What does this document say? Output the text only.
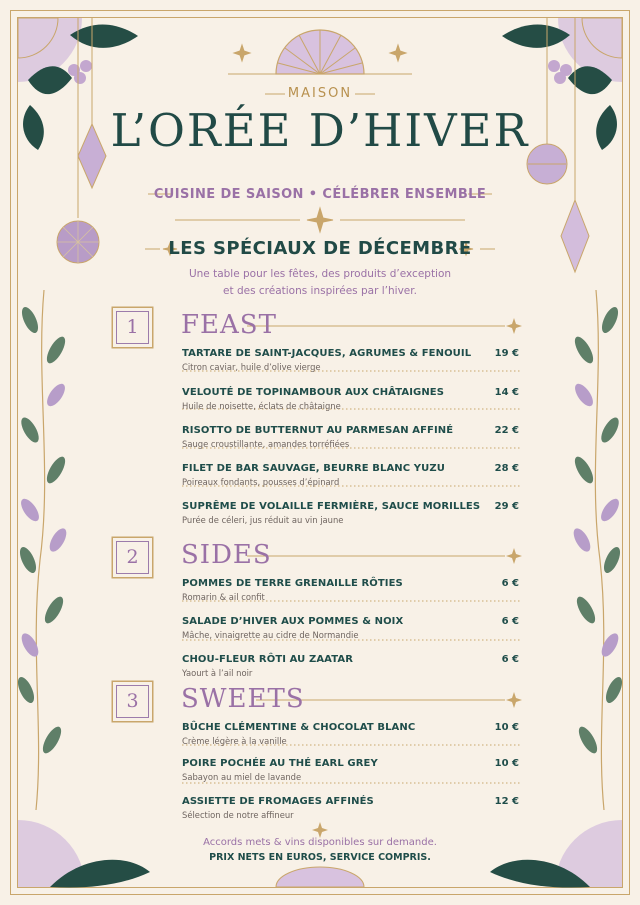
MAISON
L’ORÉE D’HIVER
CUISINE DE SAISON • CÉLÉBRER ENSEMBLE
LES SPÉCIAUX DE DÉCEMBRE
Une table pour les fêtes, des produits d’exception
et des créations inspirées par l’hiver.
1	FEAST
TARTARE DE SAINT-JACQUES, AGRUMES & FENOUIL
Citron caviar, huile d’olive vierge
19 €
VELOUTÉ DE TOPINAMBOUR AUX CHÂTAIGNES
Huile de noisette, éclats de châtaigne
14 €
RISOTTO DE BUTTERNUT AU PARMESAN AFFINÉ
Sauge croustillante, amandes torréfiées
22 €
FILET DE BAR SAUVAGE, BEURRE BLANC YUZU
Poireaux fondants, pousses d’épinard
28 €
SUPRÊME DE VOLAILLE FERMIÈRE, SAUCE MORILLES
Purée de céleri, jus réduit au vin jaune
29 €
2	SIDES
POMMES DE TERRE GRENAILLE RÔTIES
Romarin & ail confit
6 €
SALADE D’HIVER AUX POMMES & NOIX
Mâche, vinaigrette au cidre de Normandie
6 €
CHOU-FLEUR RÔTI AU ZAATAR
Yaourt à l’ail noir
6 €
3	SWEETS
BÛCHE CLÉMENTINE & CHOCOLAT BLANC
Crème légère à la vanille
10 €
POIRE POCHÉE AU THÉ EARL GREY
Sabayon au miel de lavande
10 €
ASSIETTE DE FROMAGES AFFINÉS
Sélection de notre affineur
12 €
Accords mets & vins disponibles sur demande.
PRIX NETS EN EUROS, SERVICE COMPRIS.
